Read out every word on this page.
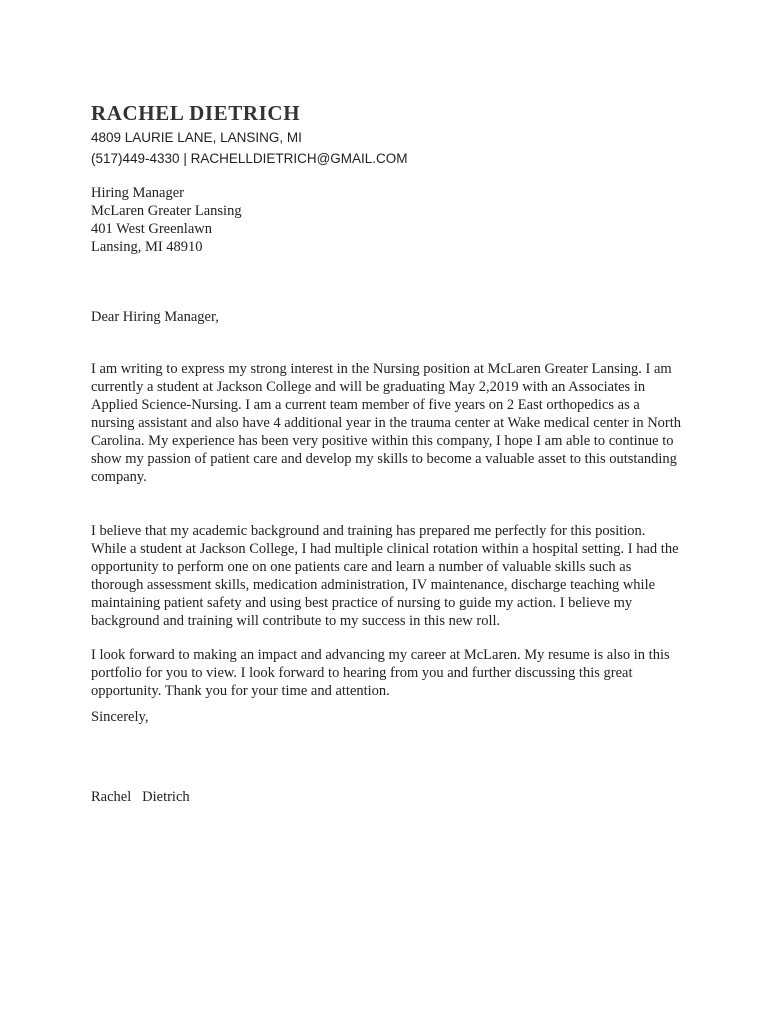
RACHEL DIETRICH
4809 LAURIE LANE, LANSING, MI
(517)449-4330 | RACHELLDIETRICH@GMAIL.COM
Hiring Manager
McLaren Greater Lansing
401 West Greenlawn
Lansing, MI 48910
Dear Hiring Manager,

I am writing to express my strong interest in the Nursing position at McLaren Greater Lansing. I am currently a student at Jackson College and will be graduating May 2,2019 with an Associates in Applied Science-Nursing. I am a current team member of five years on 2 East orthopedics as a nursing assistant and also have 4 additional year in the trauma center at Wake medical center in North Carolina. My experience has been very positive within this company, I hope I am able to continue to show my passion of patient care and develop my skills to become a valuable asset to this outstanding company.

I believe that my academic background and training has prepared me perfectly for this position. While a student at Jackson College, I had multiple clinical rotation within a hospital setting. I had the opportunity to perform one on one patients care and learn a number of valuable skills such as thorough assessment skills, medication administration, IV maintenance, discharge teaching while maintaining patient safety and using best practice of nursing to guide my action. I believe my background and training will contribute to my success in this new roll.

I look forward to making an impact and advancing my career at McLaren. My resume is also in this portfolio for you to view. I look forward to hearing from you and further discussing this great opportunity. Thank you for your time and attention.

Sincerely,
Rachel   Dietrich
